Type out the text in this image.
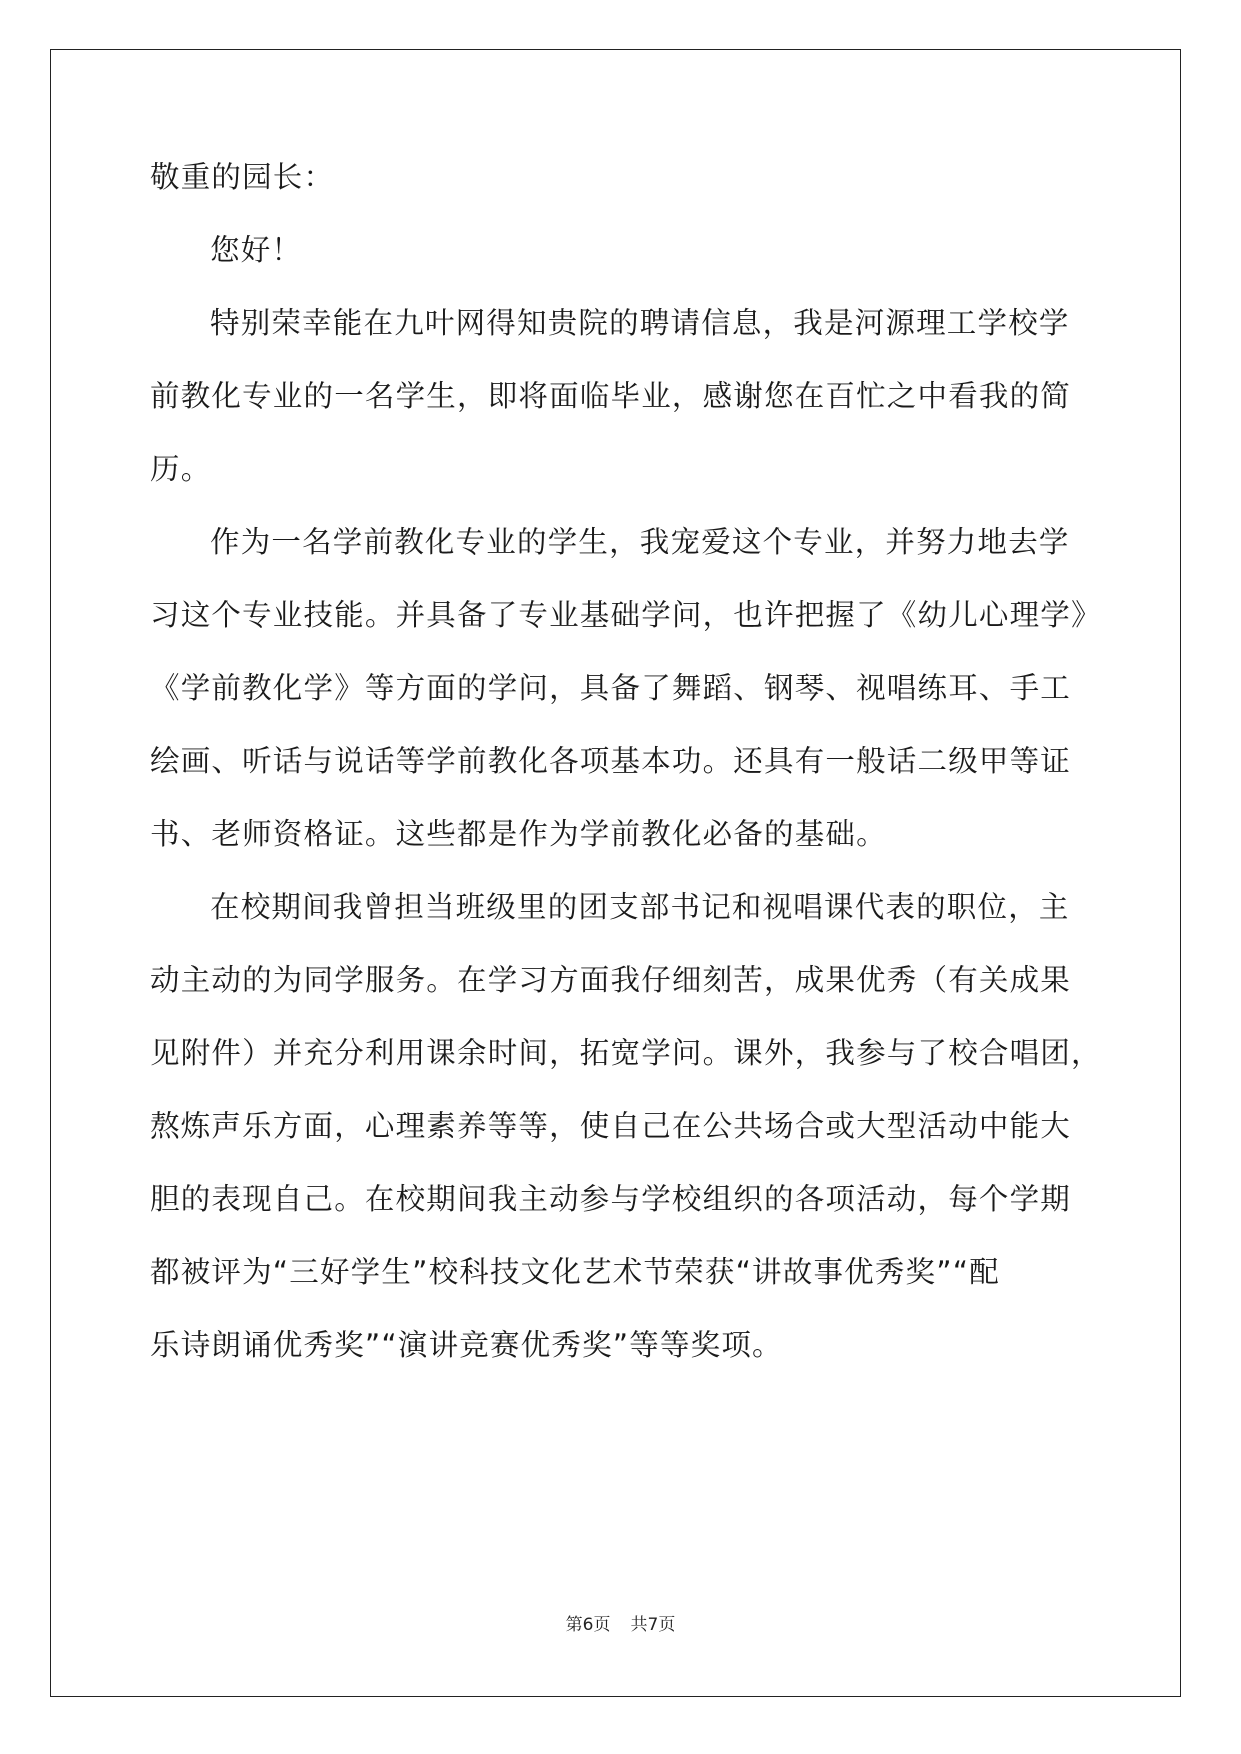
敬重的园长：
您好！
特别荣幸能在九叶网得知贵院的聘请信息，我是河源理工学校学
前教化专业的一名学生，即将面临毕业，感谢您在百忙之中看我的简
历。
作为一名学前教化专业的学生，我宠爱这个专业，并努力地去学
习这个专业技能。并具备了专业基础学问，也许把握了《幼儿心理学》
《学前教化学》等方面的学问，具备了舞蹈、钢琴、视唱练耳、手工
绘画、听话与说话等学前教化各项基本功。还具有一般话二级甲等证
书、老师资格证。这些都是作为学前教化必备的基础。
在校期间我曾担当班级里的团支部书记和视唱课代表的职位，主
动主动的为同学服务。在学习方面我仔细刻苦，成果优秀（有关成果
见附件）并充分利用课余时间，拓宽学问。课外，我参与了校合唱团，
熬炼声乐方面，心理素养等等，使自己在公共场合或大型活动中能大
胆的表现自己。在校期间我主动参与学校组织的各项活动，每个学期
都被评为“三好学生”校科技文化艺术节荣获“讲故事优秀奖”“配
乐诗朗诵优秀奖”“演讲竞赛优秀奖”等等奖项。
第6页 共7页
